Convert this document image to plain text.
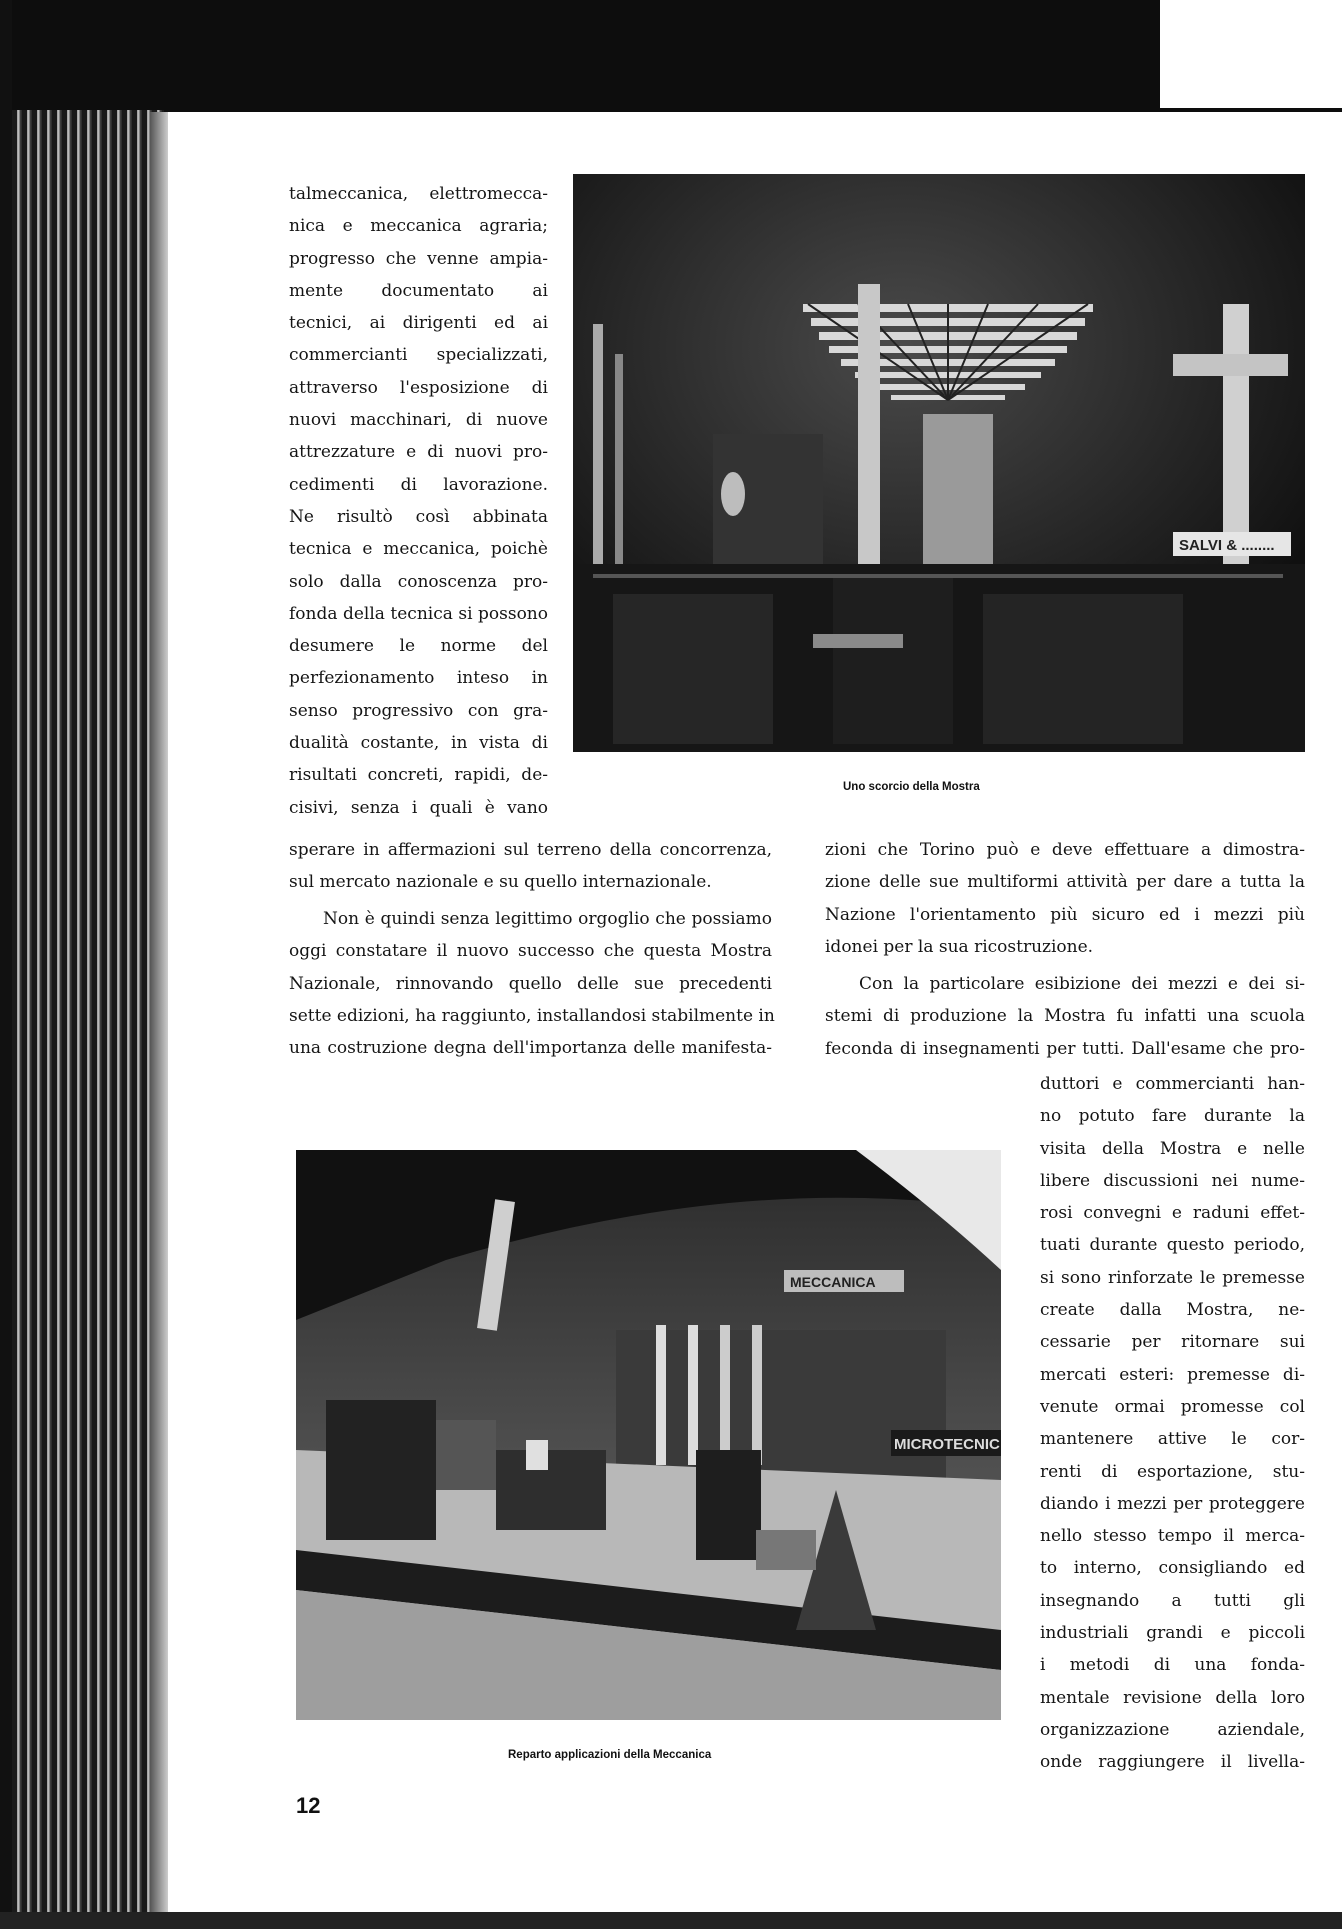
talmeccanica, elettromecca-
nica e meccanica agraria;
progresso che venne ampia-
mente documentato ai
tecnici, ai dirigenti ed ai
commercianti specializzati,
attraverso l'esposizione di
nuovi macchinari, di nuove
attrezzature e di nuovi pro-
cedimenti di lavorazione.
Ne risultò così abbinata
tecnica e meccanica, poichè
solo dalla conoscenza pro-
fonda della tecnica si possono
desumere le norme del
perfezionamento inteso in
senso progressivo con gra-
dualità costante, in vista di
risultati concreti, rapidi, de-
cisivi, senza i quali è vano
SALVI & ........
Uno scorcio della Mostra
sperare in affermazioni sul terreno della concorrenza,
sul mercato nazionale e su quello internazionale.
Non è quindi senza legittimo orgoglio che possiamo
oggi constatare il nuovo successo che questa Mostra
Nazionale, rinnovando quello delle sue precedenti
sette edizioni, ha raggiunto, installandosi stabilmente in
una costruzione degna dell'importanza delle manifesta-
zioni che Torino può e deve effettuare a dimostra-
zione delle sue multiformi attività per dare a tutta la
Nazione l'orientamento più sicuro ed i mezzi più
idonei per la sua ricostruzione.
Con la particolare esibizione dei mezzi e dei si-
stemi di produzione la Mostra fu infatti una scuola
feconda di insegnamenti per tutti. Dall'esame che pro-
MECCANICA
MICROTECNIC
Reparto applicazioni della Meccanica
duttori e commercianti han-
no potuto fare durante la
visita della Mostra e nelle
libere discussioni nei nume-
rosi convegni e raduni effet-
tuati durante questo periodo,
si sono rinforzate le premesse
create dalla Mostra, ne-
cessarie per ritornare sui
mercati esteri: premesse di-
venute ormai promesse col
mantenere attive le cor-
renti di esportazione, stu-
diando i mezzi per proteggere
nello stesso tempo il merca-
to interno, consigliando ed
insegnando a tutti gli
industriali grandi e piccoli
i metodi di una fonda-
mentale revisione della loro
organizzazione aziendale,
onde raggiungere il livella-
12
